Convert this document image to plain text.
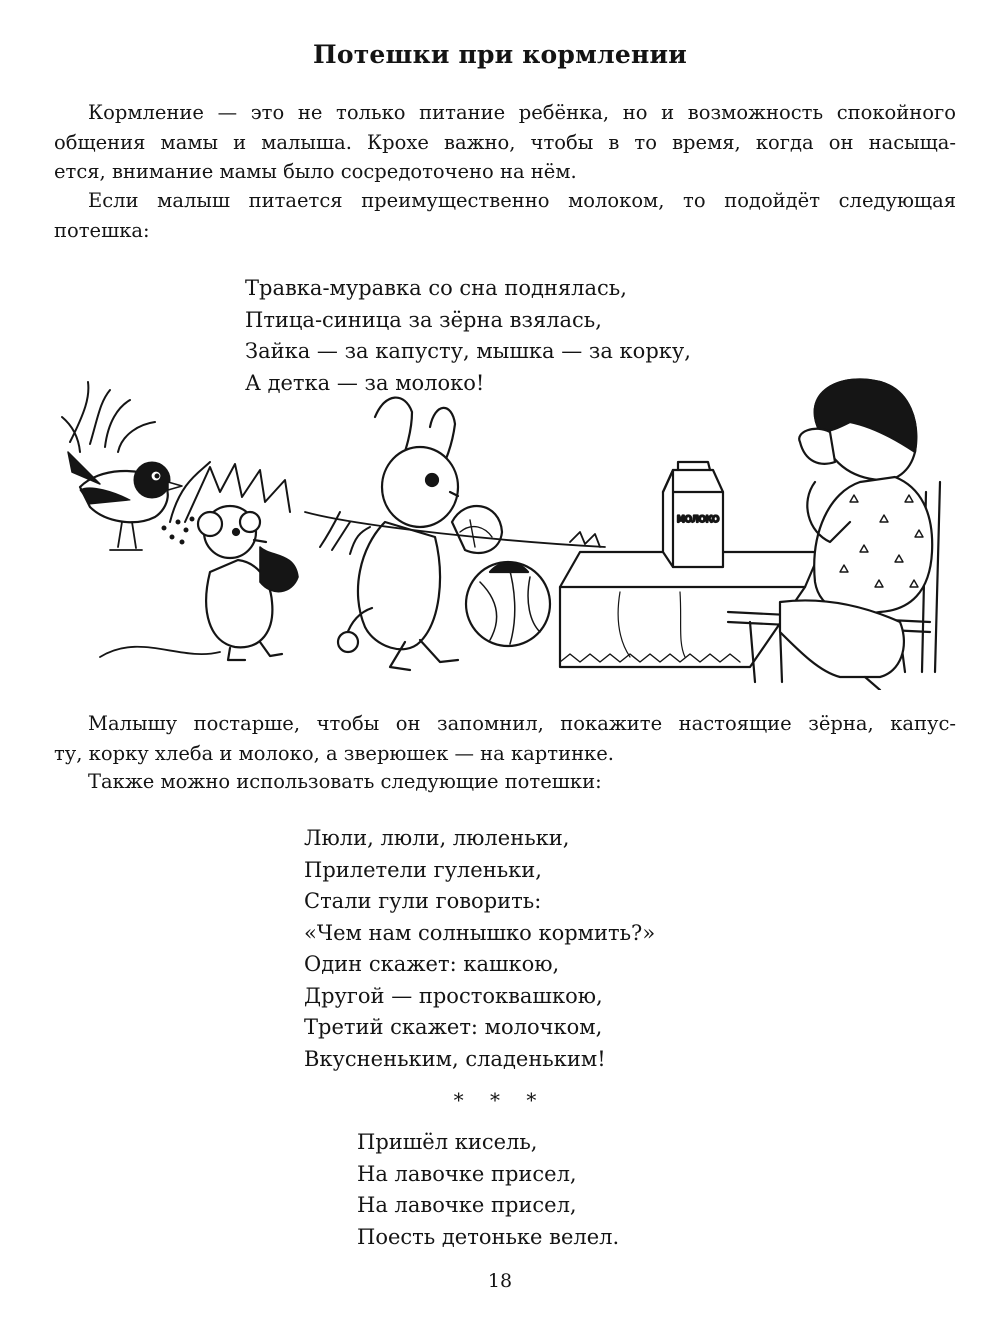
Потешки при кормлении

Кормление — это не только питание ребёнка, но и возможность спокойного
общения мамы и малыша. Крохе важно, чтобы в то время, когда он насыща-
ется, внимание мамы было сосредоточено на нём.

Если малыш питается преимущественно молоком, то подойдёт следующая
потешка:

Травка-муравка со сна поднялась,
Птица-синица за зёрна взялась,
Зайка — за капусту, мышка — за корку,
А детка — за молоко!
МОЛОКО

Малышу постарше, чтобы он запомнил, покажите настоящие зёрна, капус-
ту, корку хлеба и молоко, а зверюшек — на картинке.

Также можно использовать следующие потешки:

Люли, люли, люленьки,
Прилетели гуленьки,
Стали гули говорить:
«Чем нам солнышко кормить?»
Один скажет: кашкою,
Другой — простоквашкою,
Третий скажет: молочком,
Вкусненьким, сладеньким!
* * *
Пришёл кисель,
На лавочке присел,
На лавочке присел,
Поесть детоньке велел.
18
